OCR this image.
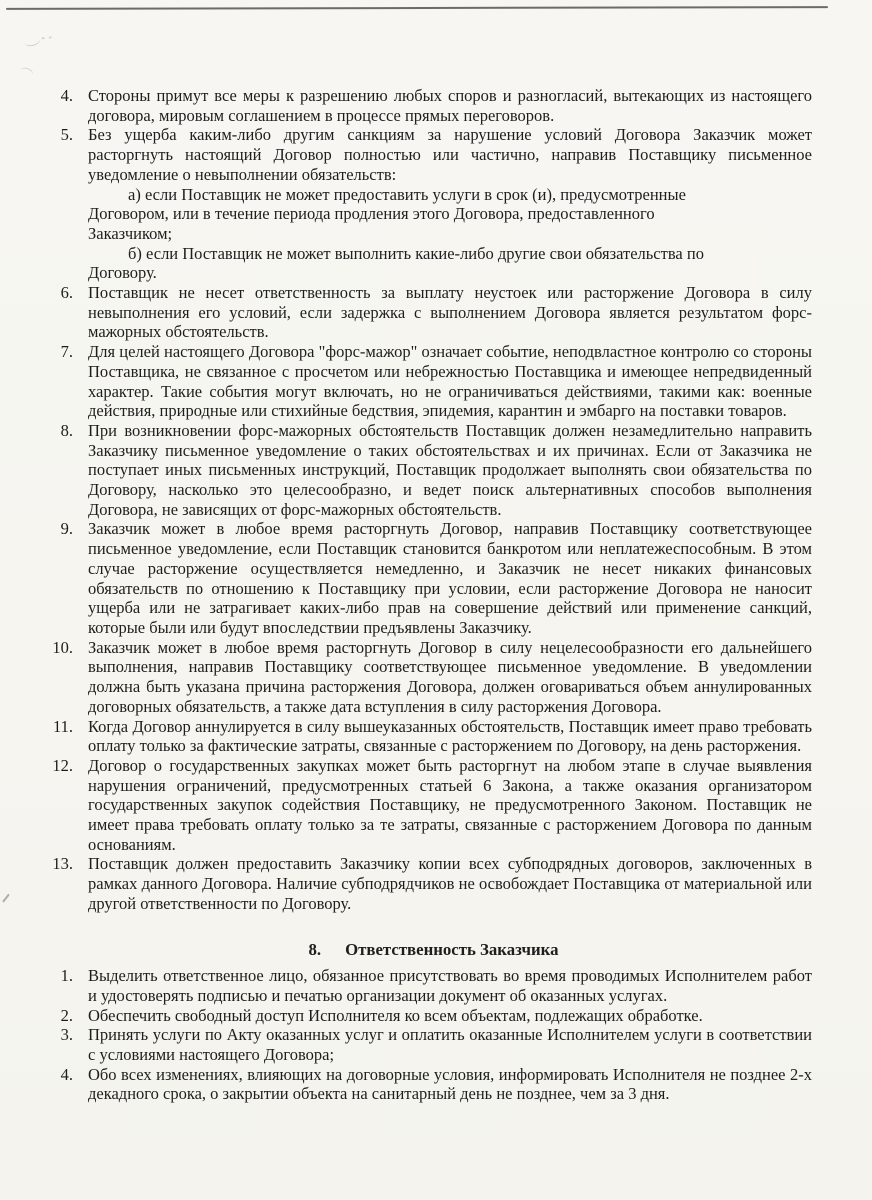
4. Стороны примут все меры к разрешению любых споров и разногласий, вытекающих из настоящего договора, мировым соглашением в процессе прямых переговоров.
5. Без ущерба каким-либо другим санкциям за нарушение условий Договора Заказчик может расторгнуть настоящий Договор полностью или частично, направив Поставщику письменное уведомление о невыполнении обязательств:
а) если Поставщик не может предоставить услуги в срок (и), предусмотренные
Договором, или в течение периода продления этого Договора, предоставленного
Заказчиком;
б) если Поставщик не может выполнить какие-либо другие свои обязательства по
Договору.
6. Поставщик не несет ответственность за выплату неустоек или расторжение Договора в силу невыполнения его условий, если задержка с выполнением Договора является результатом форс-мажорных обстоятельств.
7. Для целей настоящего Договора "форс-мажор" означает событие, неподвластное контролю со стороны Поставщика, не связанное с просчетом или небрежностью Поставщика и имеющее непредвиденный характер. Такие события могут включать, но не ограничиваться действиями, такими как: военные действия, природные или стихийные бедствия, эпидемия, карантин и эмбарго на поставки товаров.
8. При возникновении форс-мажорных обстоятельств Поставщик должен незамедлительно направить Заказчику письменное уведомление о таких обстоятельствах и их причинах. Если от Заказчика не поступает иных письменных инструкций, Поставщик продолжает выполнять свои обязательства по Договору, насколько это целесообразно, и ведет поиск альтернативных способов выполнения Договора, не зависящих от форс-мажорных обстоятельств.
9. Заказчик может в любое время расторгнуть Договор, направив Поставщику соответствующее письменное уведомление, если Поставщик становится банкротом или неплатежеспособным. В этом случае расторжение осуществляется немедленно, и Заказчик не несет никаких финансовых обязательств по отношению к Поставщику при условии, если расторжение Договора не наносит ущерба или не затрагивает каких-либо прав на совершение действий или применение санкций, которые были или будут впоследствии предъявлены Заказчику.
10. Заказчик может в любое время расторгнуть Договор в силу нецелесообразности его дальнейшего выполнения, направив Поставщику соответствующее письменное уведомление. В уведомлении должна быть указана причина расторжения Договора, должен оговариваться объем аннулированных договорных обязательств, а также дата вступления в силу расторжения Договора.
11. Когда Договор аннулируется в силу вышеуказанных обстоятельств, Поставщик имеет право требовать оплату только за фактические затраты, связанные с расторжением по Договору, на день расторжения.
12. Договор о государственных закупках может быть расторгнут на любом этапе в случае выявления нарушения ограничений, предусмотренных статьей 6 Закона, а также оказания организатором государственных закупок содействия Поставщику, не предусмотренного Законом. Поставщик не имеет права требовать оплату только за те затраты, связанные с расторжением Договора по данным основаниям.
13. Поставщик должен предоставить Заказчику копии всех субподрядных договоров, заключенных в рамках данного Договора. Наличие субподрядчиков не освобождает Поставщика от материальной или другой ответственности по Договору.
8. Ответственность Заказчика
1. Выделить ответственное лицо, обязанное присутствовать во время проводимых Исполнителем работ и удостоверять подписью и печатью организации документ об оказанных услугах.
2. Обеспечить свободный доступ Исполнителя ко всем объектам, подлежащих обработке.
3. Принять услуги по Акту оказанных услуг и оплатить оказанные Исполнителем услуги в соответствии с условиями настоящего Договора;
4. Обо всех изменениях, влияющих на договорные условия, информировать Исполнителя не позднее 2-х декадного срока, о закрытии объекта на санитарный день не позднее, чем за 3 дня.
